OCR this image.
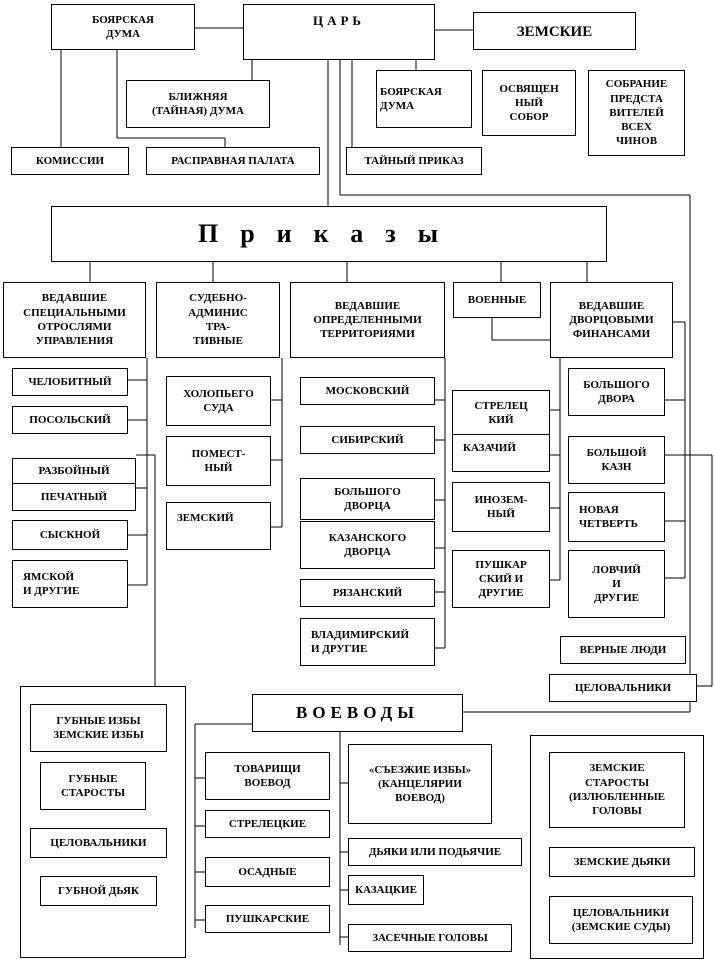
БОЯРСКАЯ
ДУМА
ЦАРЬ
ЗЕМСКИЕ
БЛИЖНЯЯ
(ТАЙНАЯ) ДУМА
БОЯРСКАЯ
ДУМА
ОСВЯЩЕН
НЫЙ
СОБОР
СОБРАНИЕ
ПРЕДСТА
ВИТЕЛЕЙ
ВСЕХ
ЧИНОВ
КОМИССИИ	РАСПРАВНАЯ ПАЛАТА	ТАЙНЫЙ ПРИКАЗ
Приказы
ВЕДАВШИЕ
СПЕЦИАЛЬНЫМИ
ОТРОСЛЯМИ
УПРАВЛЕНИЯ
СУДЕБНО-
АДМИНИС
ТРА-
ТИВНЫЕ
ВЕДАВШИЕ
ОПРЕДЕЛЕННЫМИ
ТЕРРИТОРИЯМИ
ВОЕННЫЕ	ВЕДАВШИЕ
ДВОРЦОВЫМИ
ФИНАНСАМИ
ЧЕЛОБИТНЫЙ
ПОСОЛЬСКИЙ
РАЗБОЙНЫЙ
ПЕЧАТНЫЙ
СЫСКНОЙ
ЯМСКОЙ
И ДРУГИЕ
ХОЛОПЬЕГО
СУДА
ПОМЕСТ-
НЫЙ
ЗЕМСКИЙ
МОСКОВСКИЙ
СИБИРСКИЙ
БОЛЬШОГО
ДВОРЦА
КАЗАНСКОГО
ДВОРЦА
РЯЗАНСКИЙ
ВЛАДИМИРСКИЙ
И ДРУГИЕ
СТРЕЛЕЦ
КИЙ
КАЗАЧИЙ
ИНОЗЕМ-
НЫЙ
ПУШКАР
СКИЙ И
ДРУГИЕ
БОЛЬШОГО
ДВОРА
БОЛЬШОЙ
КАЗН
НОВАЯ
ЧЕТВЕРТЬ
ЛОВЧИЙ
И
ДРУГИЕ
ВЕРНЫЕ ЛЮДИ
ЦЕЛОВАЛЬНИКИ
ВОЕВОДЫ
ТОВАРИЩИ
ВОЕВОД
СТРЕЛЕЦКИЕ
ОСАДНЫЕ
ПУШКАРСКИЕ
«СЪЕЗЖИЕ ИЗБЫ»
(КАНЦЕЛЯРИИ
ВОЕВОД)
ДЬЯКИ ИЛИ ПОДЬЯЧИЕ
КАЗАЦКИЕ
ЗАСЕЧНЫЕ ГОЛОВЫ
ГУБНЫЕ ИЗБЫ
ЗЕМСКИЕ ИЗБЫ
ГУБНЫЕ
СТАРОСТЫ
ЦЕЛОВАЛЬНИКИ
ГУБНОЙ ДЬЯК
ЗЕМСКИЕ
СТАРОСТЫ
(ИЗЛЮБЛЕННЫЕ
ГОЛОВЫ
ЗЕМСКИЕ ДЬЯКИ
ЦЕЛОВАЛЬНИКИ
(ЗЕМСКИЕ СУДЫ)
